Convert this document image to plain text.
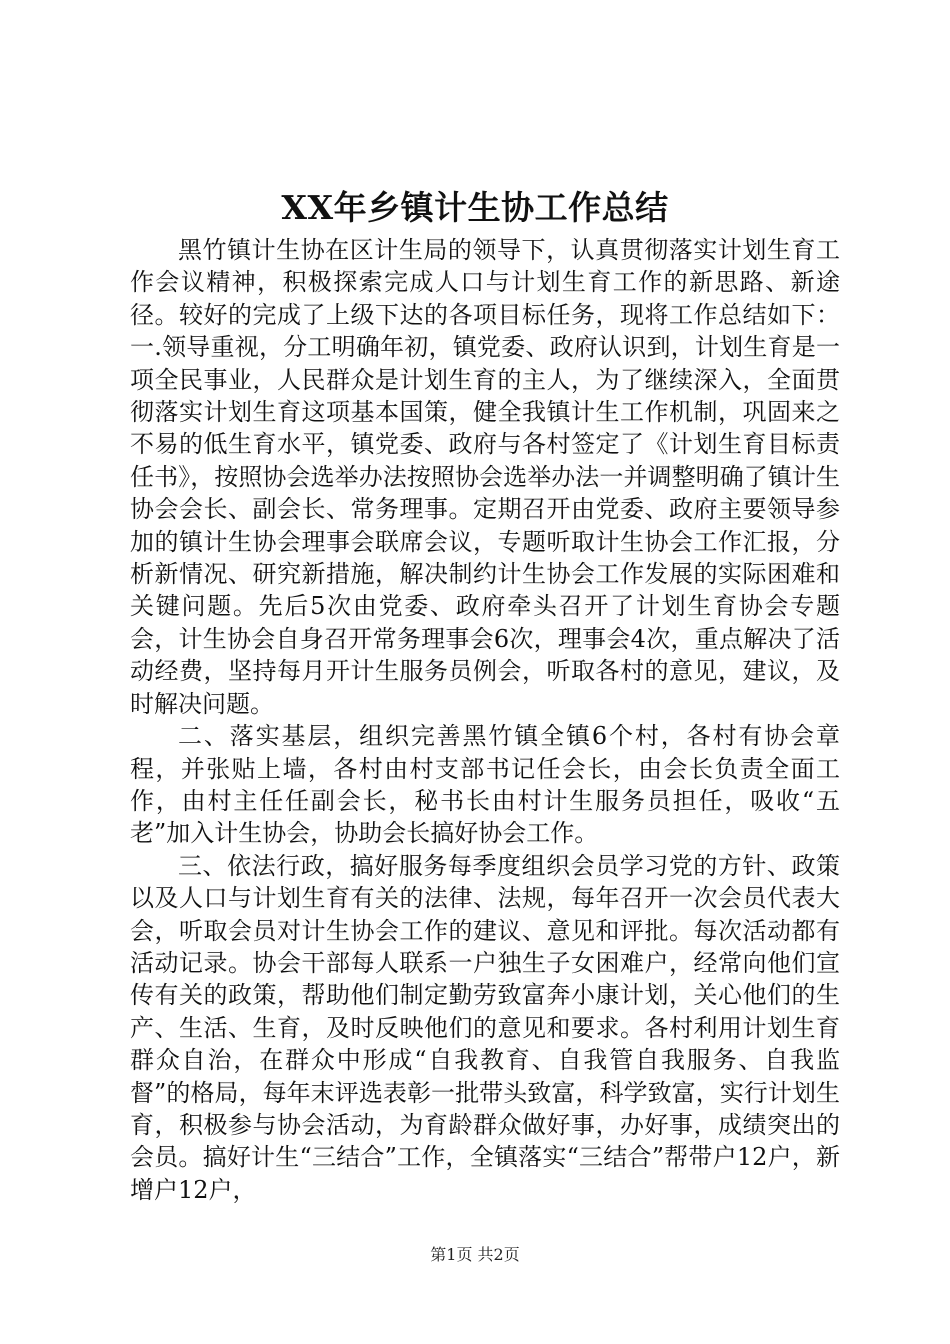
XX年乡镇计生协工作总结

黑竹镇计生协在区计生局的领导下，认真贯彻落实计划生育工作会议精神，积极探索完成人口与计划生育工作的新思路、新途径。较好的完成了上级下达的各项目标任务，现将工作总结如下：一.领导重视，分工明确年初，镇党委、政府认识到，计划生育是一项全民事业，人民群众是计划生育的主人，为了继续深入，全面贯彻落实计划生育这项基本国策，健全我镇计生工作机制，巩固来之不易的低生育水平，镇党委、政府与各村签定了《计划生育目标责任书》，按照协会选举办法按照协会选举办法一并调整明确了镇计生协会会长、副会长、常务理事。定期召开由党委、政府主要领导参加的镇计生协会理事会联席会议，专题听取计生协会工作汇报，分析新情况、研究新措施，解决制约计生协会工作发展的实际困难和关键问题。先后5次由党委、政府牵头召开了计划生育协会专题会，计生协会自身召开常务理事会6次，理事会4次，重点解决了活动经费，坚持每月开计生服务员例会，听取各村的意见，建议，及时解决问题。

二、落实基层，组织完善黑竹镇全镇6个村，各村有协会章程，并张贴上墙，各村由村支部书记任会长，由会长负责全面工作，由村主任任副会长，秘书长由村计生服务员担任，吸收“五老”加入计生协会，协助会长搞好协会工作。

三、依法行政，搞好服务每季度组织会员学习党的方针、政策以及人口与计划生育有关的法律、法规，每年召开一次会员代表大会，听取会员对计生协会工作的建议、意见和评批。每次活动都有活动记录。协会干部每人联系一户独生子女困难户，经常向他们宣传有关的政策，帮助他们制定勤劳致富奔小康计划，关心他们的生产、生活、生育，及时反映他们的意见和要求。各村利用计划生育群众自治，在群众中形成“自我教育、自我管自我服务、自我监督”的格局，每年末评选表彰一批带头致富，科学致富，实行计划生育，积极参与协会活动，为育龄群众做好事，办好事，成绩突出的会员。搞好计生“三结合”工作，全镇落实“三结合”帮带户12户，新增户12户，

第1页 共2页
